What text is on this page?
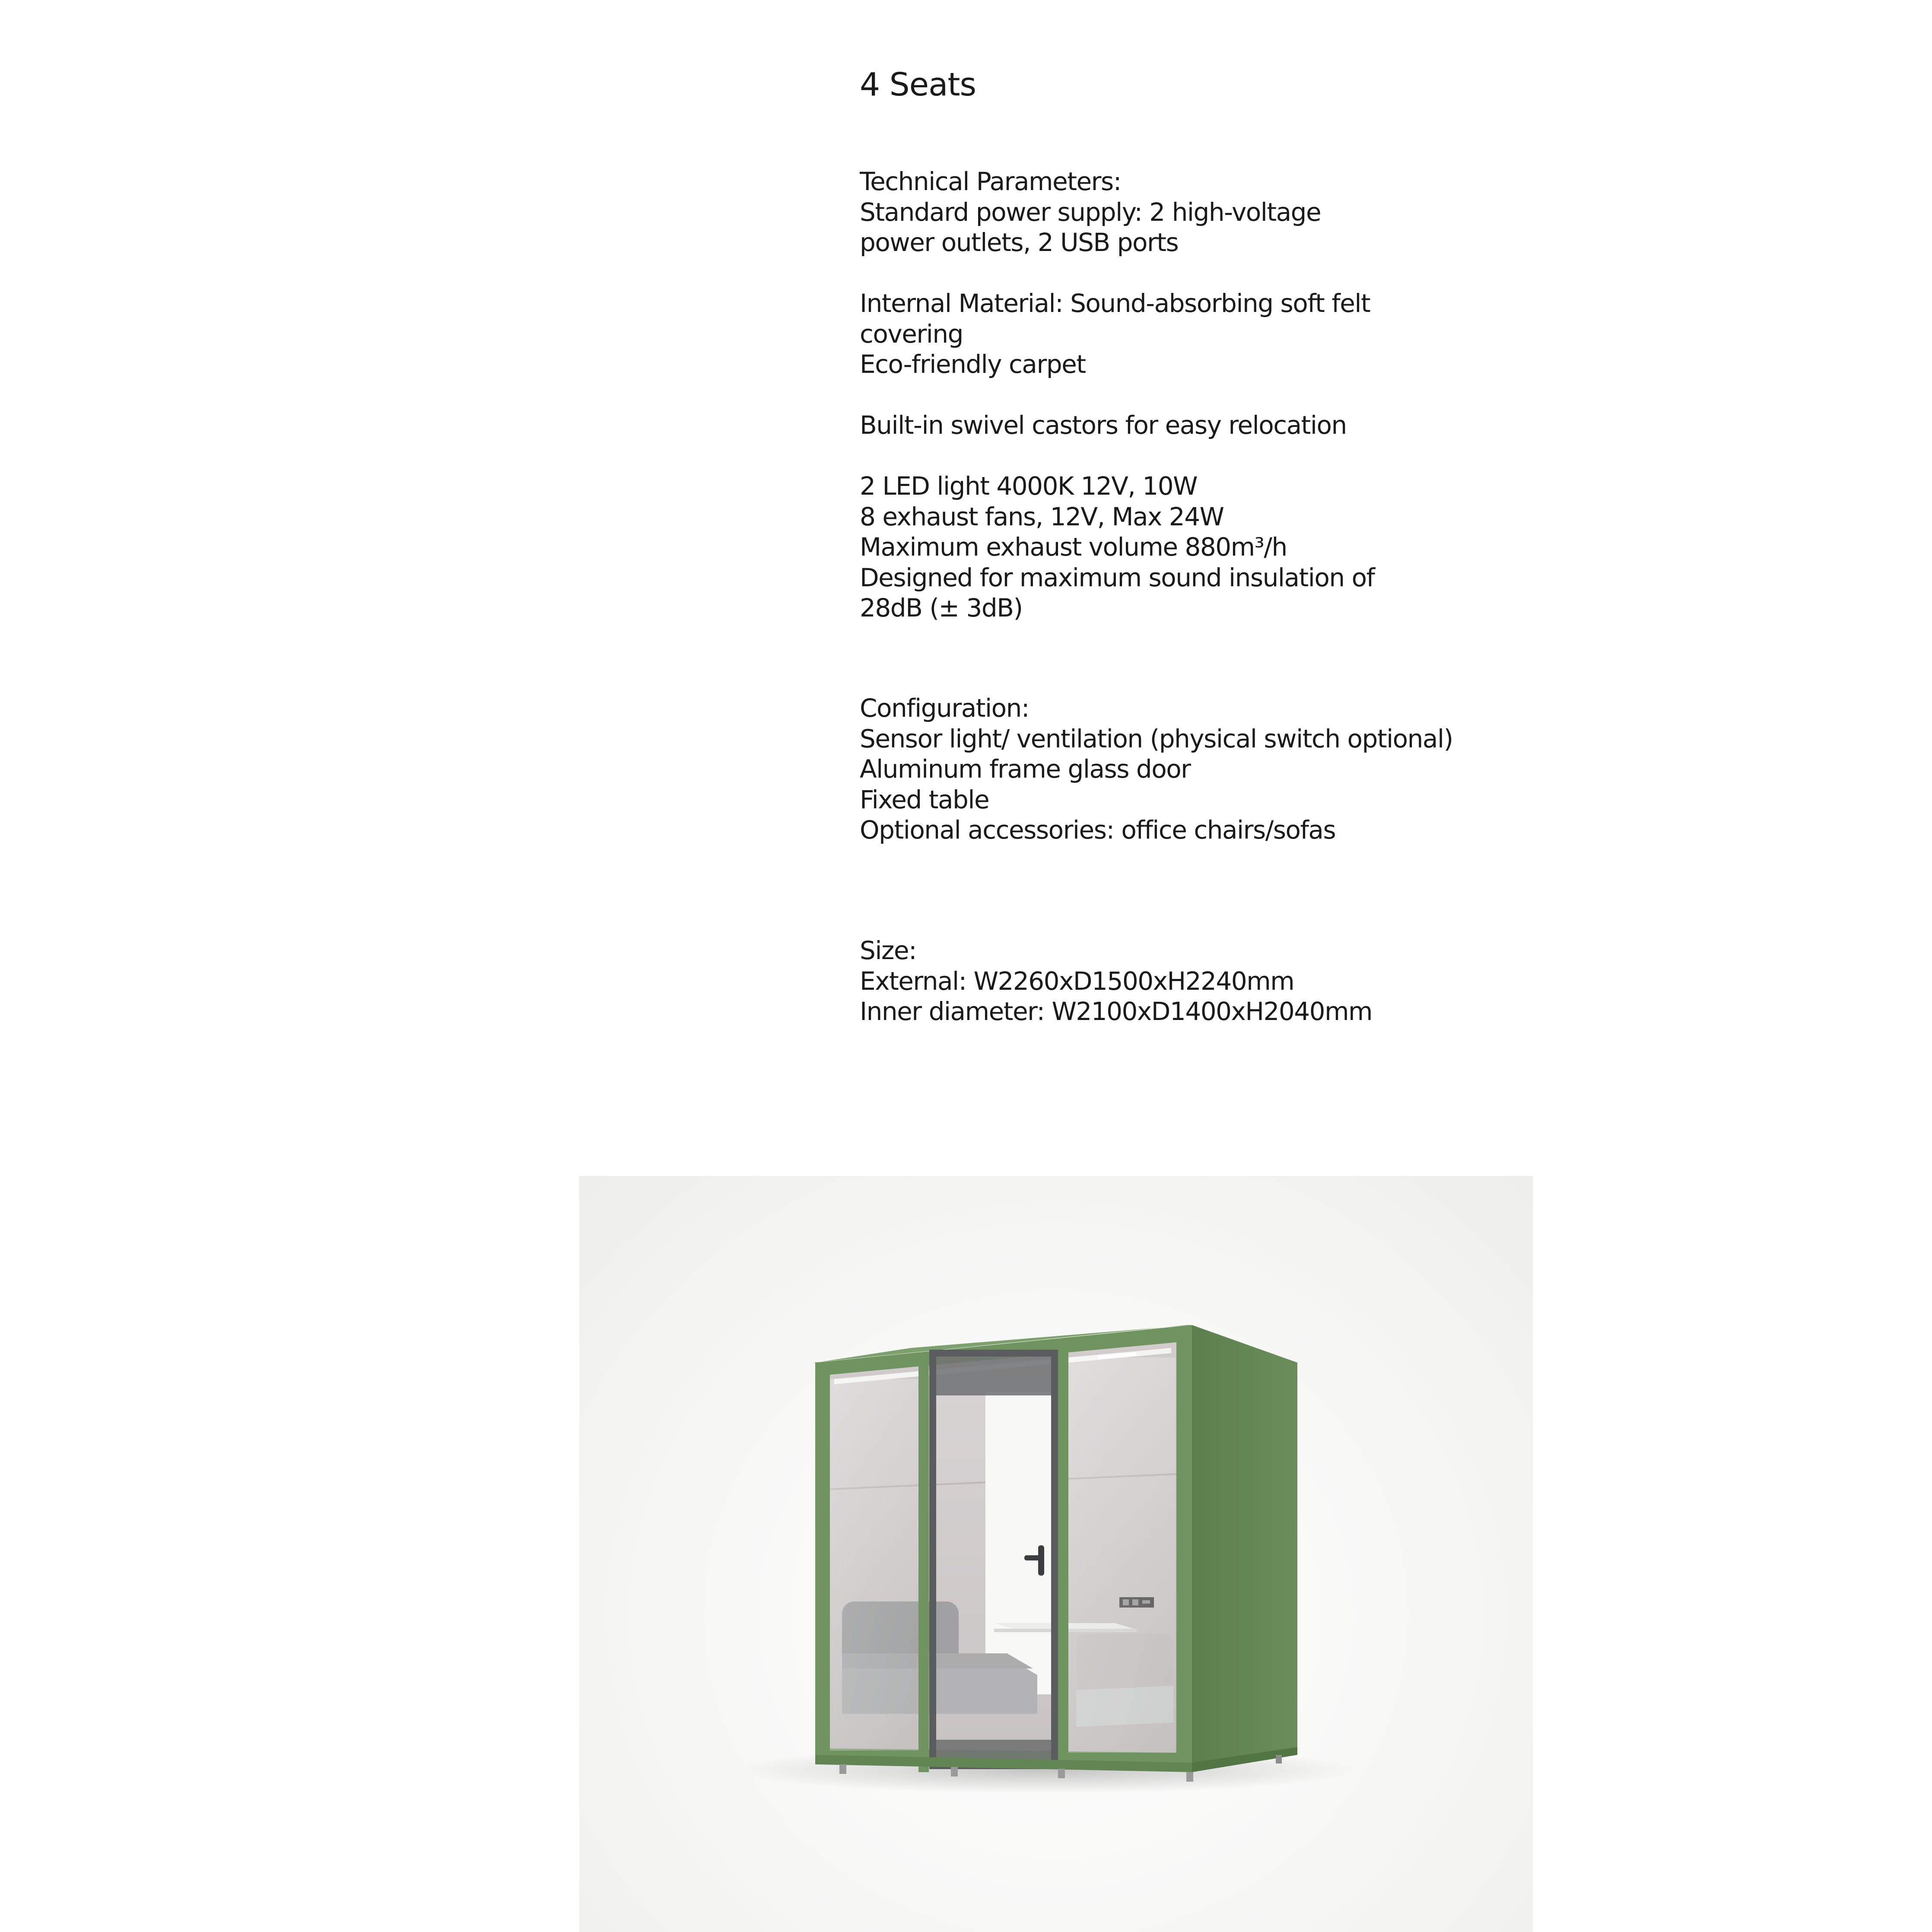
4 Seats
Technical Parameters:
Standard power supply: 2 high-voltage
power outlets, 2 USB ports
Internal Material: Sound-absorbing soft felt
covering
Eco-friendly carpet
Built-in swivel castors for easy relocation
2 LED light 4000K 12V, 10W
8 exhaust fans, 12V, Max 24W
Maximum exhaust volume 880m³/h
Designed for maximum sound insulation of
28dB (± 3dB)
Configuration:
Sensor light/ ventilation (physical switch optional)
Aluminum frame glass door
Fixed table
Optional accessories: office chairs/sofas
Size:
External: W2260xD1500xH2240mm
Inner diameter: W2100xD1400xH2040mm
